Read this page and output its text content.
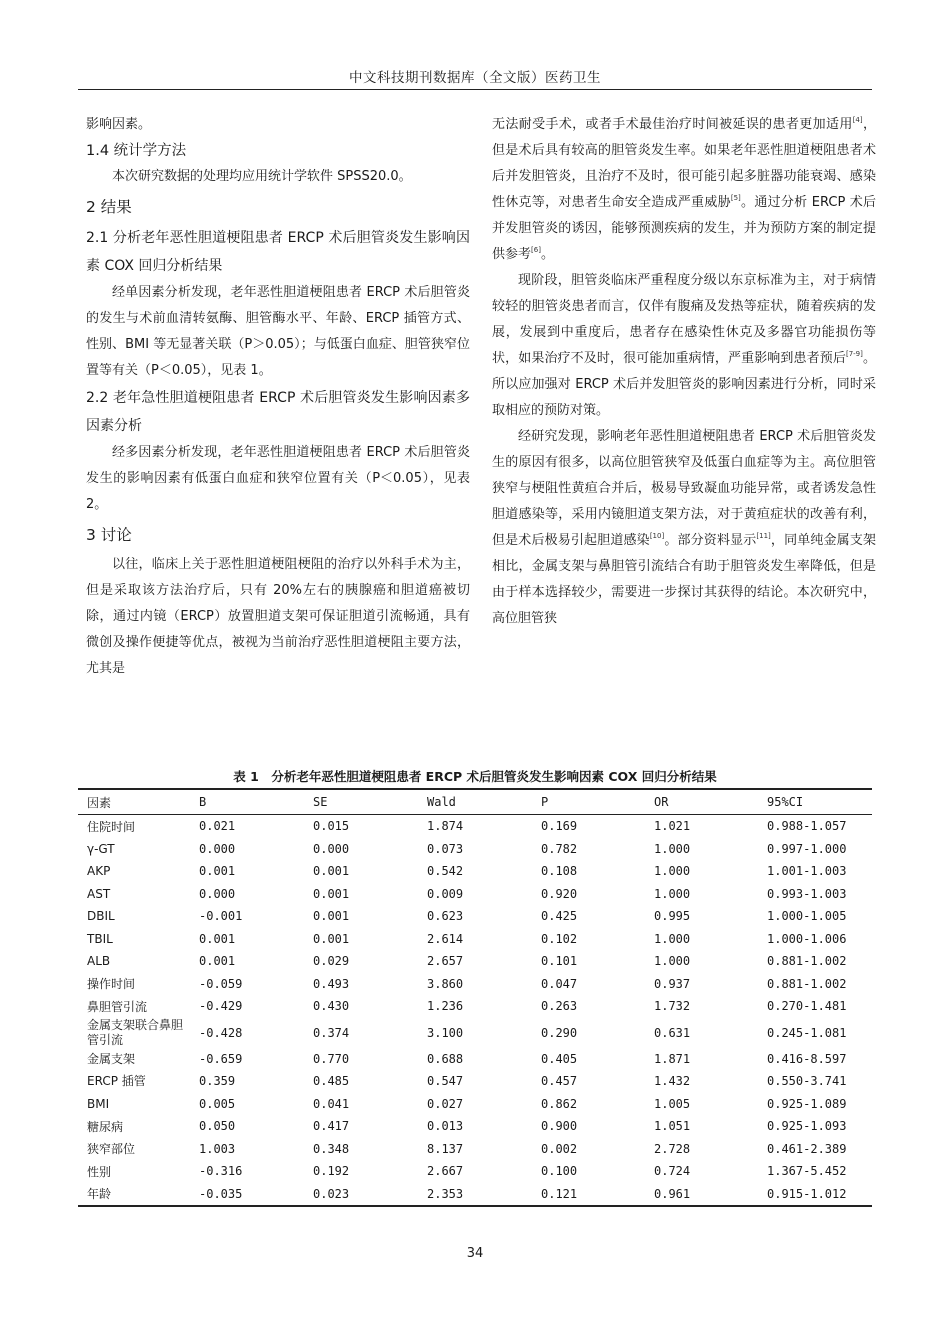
中文科技期刊数据库（全文版）医药卫生

影响因素。

1.4 统计学方法

本次研究数据的处理均应用统计学软件 SPSS20.0。

2 结果

2.1 分析老年恶性胆道梗阻患者 ERCP 术后胆管炎发生影响因素 COX 回归分析结果

经单因素分析发现，老年恶性胆道梗阻患者 ERCP 术后胆管炎的发生与术前血清转氨酶、胆管酶水平、年龄、ERCP 插管方式、性别、BMI 等无显著关联（P＞0.05）；与低蛋白血症、胆管狭窄位置等有关（P＜0.05），见表 1。

2.2 老年急性胆道梗阻患者 ERCP 术后胆管炎发生影响因素多因素分析

经多因素分析发现，老年恶性胆道梗阻患者 ERCP 术后胆管炎发生的影响因素有低蛋白血症和狭窄位置有关（P＜0.05），见表 2。

3 讨论

以往，临床上关于恶性胆道梗阻梗阻的治疗以外科手术为主，但是采取该方法治疗后，只有 20%左右的胰腺癌和胆道癌被切除，通过内镜（ERCP）放置胆道支架可保证胆道引流畅通，具有微创及操作便捷等优点，被视为当前治疗恶性胆道梗阻主要方法，尤其是

无法耐受手术，或者手术最佳治疗时间被延误的患者更加适用[4]，但是术后具有较高的胆管炎发生率。如果老年恶性胆道梗阻患者术后并发胆管炎，且治疗不及时，很可能引起多脏器功能衰竭、感染性休克等，对患者生命安全造成严重威胁[5]。通过分析 ERCP 术后并发胆管炎的诱因，能够预测疾病的发生，并为预防方案的制定提供参考[6]。

现阶段，胆管炎临床严重程度分级以东京标准为主，对于病情较轻的胆管炎患者而言，仅伴有腹痛及发热等症状，随着疾病的发展，发展到中重度后，患者存在感染性休克及多器官功能损伤等状，如果治疗不及时，很可能加重病情，严重影响到患者预后[7-9]。所以应加强对 ERCP 术后并发胆管炎的影响因素进行分析，同时采取相应的预防对策。

经研究发现，影响老年恶性胆道梗阻患者 ERCP 术后胆管炎发生的原因有很多，以高位胆管狭窄及低蛋白血症等为主。高位胆管狭窄与梗阻性黄疸合并后，极易导致凝血功能异常，或者诱发急性胆道感染等，采用内镜胆道支架方法，对于黄疸症状的改善有利，但是术后极易引起胆道感染[10]。部分资料显示[11]，同单纯金属支架相比，金属支架与鼻胆管引流结合有助于胆管炎发生率降低，但是由于样本选择较少，需要进一步探讨其获得的结论。本次研究中，高位胆管狭

表 1　分析老年恶性胆道梗阻患者 ERCP 术后胆管炎发生影响因素 COX 回归分析结果
因素	B	SE	Wald	P	OR	95%CI
住院时间	0.021	0.015	1.874	0.169	1.021	0.988-1.057
γ-GT	0.000	0.000	0.073	0.782	1.000	0.997-1.000
AKP	0.001	0.001	0.542	0.108	1.000	1.001-1.003
AST	0.000	0.001	0.009	0.920	1.000	0.993-1.003
DBIL	-0.001	0.001	0.623	0.425	0.995	1.000-1.005
TBIL	0.001	0.001	2.614	0.102	1.000	1.000-1.006
ALB	0.001	0.029	2.657	0.101	1.000	0.881-1.002
操作时间	-0.059	0.493	3.860	0.047	0.937	0.881-1.002
鼻胆管引流	-0.429	0.430	1.236	0.263	1.732	0.270-1.481
金属支架联合鼻胆管引流	-0.428	0.374	3.100	0.290	0.631	0.245-1.081
金属支架	-0.659	0.770	0.688	0.405	1.871	0.416-8.597
ERCP 插管	0.359	0.485	0.547	0.457	1.432	0.550-3.741
BMI	0.005	0.041	0.027	0.862	1.005	0.925-1.089
糖尿病	0.050	0.417	0.013	0.900	1.051	0.925-1.093
狭窄部位	1.003	0.348	8.137	0.002	2.728	0.461-2.389
性别	-0.316	0.192	2.667	0.100	0.724	1.367-5.452
年龄	-0.035	0.023	2.353	0.121	0.961	0.915-1.012
34
